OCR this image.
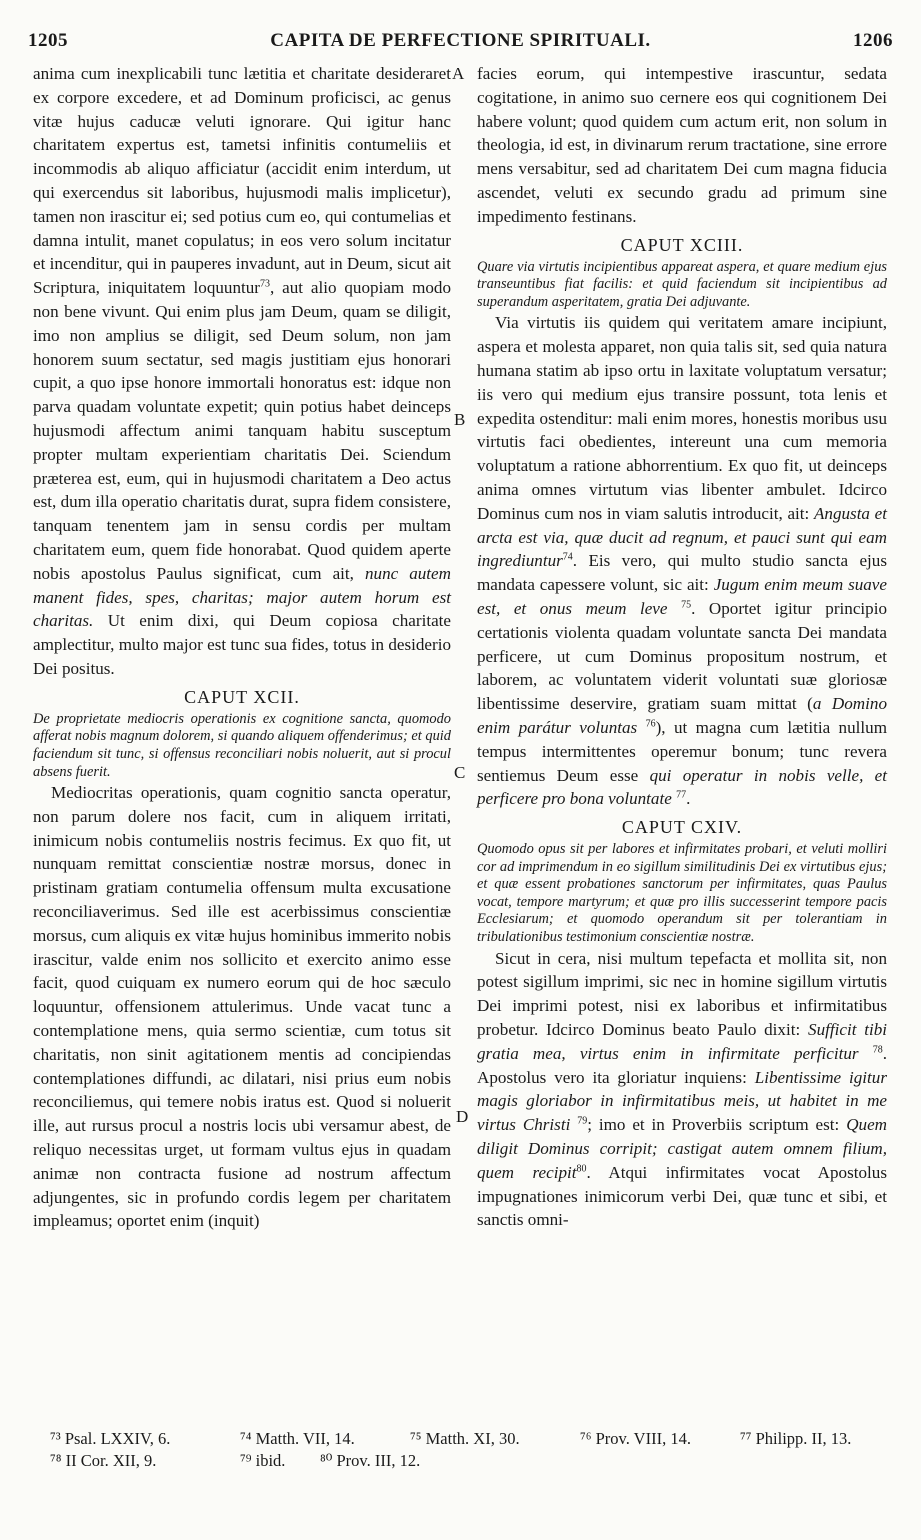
1205	CAPITA DE PERFECTIONE SPIRITUALI.	1206
A
B
C
D

anima cum inexplicabili tunc lætitia et charitate desideraret ex corpore excedere, et ad Dominum proficisci, ac genus vitæ hujus caducæ veluti ignorare. Qui igitur hanc charitatem expertus est, tametsi infinitis contumeliis et incommodis ab aliquo afficiatur (accidit enim interdum, ut qui exercendus sit laboribus, hujusmodi malis implicetur), tamen non irascitur ei; sed potius cum eo, qui contumelias et damna intulit, manet copulatus; in eos vero solum incitatur et incenditur, qui in pauperes invadunt, aut in Deum, sicut ait Scriptura, iniquitatem loquuntur$^{73}$, aut alio quopiam modo non bene vivunt. Qui enim plus jam Deum, quam se diligit, imo non amplius se diligit, sed Deum solum, non jam honorem suum sectatur, sed magis justitiam ejus honorari cupit, a quo ipse honore immortali honoratus est: idque non parva quadam voluntate expetit; quin potius habet deinceps hujusmodi affectum animi tanquam habitu susceptum propter multam experientiam charitatis Dei. Sciendum præterea est, eum, qui in hujusmodi charitatem a Deo actus est, dum illa operatio charitatis durat, supra fidem consistere, tanquam tenentem jam in sensu cordis per multam charitatem eum, quem fide honorabat. Quod quidem aperte nobis apostolus Paulus significat, cum ait, nunc autem manent fides, spes, charitas; major autem horum est charitas. Ut enim dixi, qui Deum copiosa charitate amplectitur, multo major est tunc sua fides, totus in desiderio Dei positus.

CAPUT XCII.

De proprietate mediocris operationis ex cognitione sancta, quomodo afferat nobis magnum dolorem, si quando aliquem offenderimus; et quid faciendum sit tunc, si offensus reconciliari nobis noluerit, aut si procul absens fuerit.

Mediocritas operationis, quam cognitio sancta operatur, non parum dolere nos facit, cum in aliquem irritati, inimicum nobis contumeliis nostris fecimus. Ex quo fit, ut nunquam remittat conscientiæ nostræ morsus, donec in pristinam gratiam contumelia offensum multa excusatione reconciliaverimus. Sed ille est acerbissimus conscientiæ morsus, cum aliquis ex vitæ hujus hominibus immerito nobis irascitur, valde enim nos sollicito et exercito animo esse facit, quod cuiquam ex numero eorum qui de hoc sæculo loquuntur, offensionem attulerimus. Unde vacat tunc a contemplatione mens, quia sermo scientiæ, cum totus sit charitatis, non sinit agitationem mentis ad concipiendas contemplationes diffundi, ac dilatari, nisi prius eum nobis reconciliemus, qui temere nobis iratus est. Quod si noluerit ille, aut rursus procul a nostris locis ubi versamur abest, de reliquo necessitas urget, ut formam vultus ejus in quadam animæ non contracta fusione ad nostrum affectum adjungentes, sic in profundo cordis legem per charitatem impleamus; oportet enim (inquit)

facies eorum, qui intempestive irascuntur, sedata cogitatione, in animo suo cernere eos qui cognitionem Dei habere volunt; quod quidem cum actum erit, non solum in theologia, id est, in divinarum rerum tractatione, sine errore mens versabitur, sed ad charitatem Dei cum magna fiducia ascendet, veluti ex secundo gradu ad primum sine impedimento festinans.

CAPUT XCIII.

Quare via virtutis incipientibus appareat aspera, et quare medium ejus transeuntibus fiat facilis: et quid faciendum sit incipientibus ad superandum asperitatem, gratia Dei adjuvante.

Via virtutis iis quidem qui veritatem amare incipiunt, aspera et molesta apparet, non quia talis sit, sed quia natura humana statim ab ipso ortu in laxitate voluptatum versatur; iis vero qui medium ejus transire possunt, tota lenis et expedita ostenditur: mali enim mores, honestis moribus usu virtutis faci obedientes, intereunt una cum memoria voluptatum a ratione abhorrentium. Ex quo fit, ut deinceps anima omnes virtutum vias libenter ambulet. Idcirco Dominus cum nos in viam salutis introducit, ait: Angusta et arcta est via, quæ ducit ad regnum, et pauci sunt qui eam ingrediuntur$^{74}$. Eis vero, qui multo studio sancta ejus mandata capessere volunt, sic ait: Jugum enim meum suave est, et onus meum leve $^{75}$. Oportet igitur principio certationis violenta quadam voluntate sancta Dei mandata perficere, ut cum Dominus propositum nostrum, et laborem, ac voluntatem viderit voluntati suæ gloriosæ libentissime deservire, gratiam suam mittat (a Domino enim parátur voluntas $^{76}$), ut magna cum lætitia nullum tempus intermittentes operemur bonum; tunc revera sentiemus Deum esse qui operatur in nobis velle, et perficere pro bona voluntate $^{77}$.

CAPUT CXIV.

Quomodo opus sit per labores et infirmitates probari, et veluti molliri cor ad imprimendum in eo sigillum similitudinis Dei ex virtutibus ejus; et quæ essent probationes sanctorum per infirmitates, quas Paulus vocat, tempore martyrum; et quæ pro illis successerint tempore pacis Ecclesiarum; et quomodo operandum sit per tolerantiam in tribulationibus testimonium conscientiæ nostræ.

Sicut in cera, nisi multum tepefacta et mollita sit, non potest sigillum imprimi, sic nec in homine sigillum virtutis Dei imprimi potest, nisi ex laboribus et infirmitatibus probetur. Idcirco Dominus beato Paulo dixit: Sufficit tibi gratia mea, virtus enim in infirmitate perficitur $^{78}$. Apostolus vero ita gloriatur inquiens: Libentissime igitur magis gloriabor in infirmitatibus meis, ut habitet in me virtus Christi $^{79}$; imo et in Proverbiis scriptum est: Quem diligit Dominus corripit; castigat autem omnem filium, quem recipit$^{80}$. Atqui infirmitates vocat Apostolus impugnationes inimicorum verbi Dei, quæ tunc et sibi, et sanctis omni-

⁷³ Psal. LXXIV, 6.	⁷⁴ Matth. VII, 14.	⁷⁵ Matth. XI, 30.	⁷⁶ Prov. VIII, 14.	⁷⁷ Philipp. II, 13.
⁷⁸ II Cor. XII, 9.	⁷⁹ ibid.	⁸⁰ Prov. III, 12.
